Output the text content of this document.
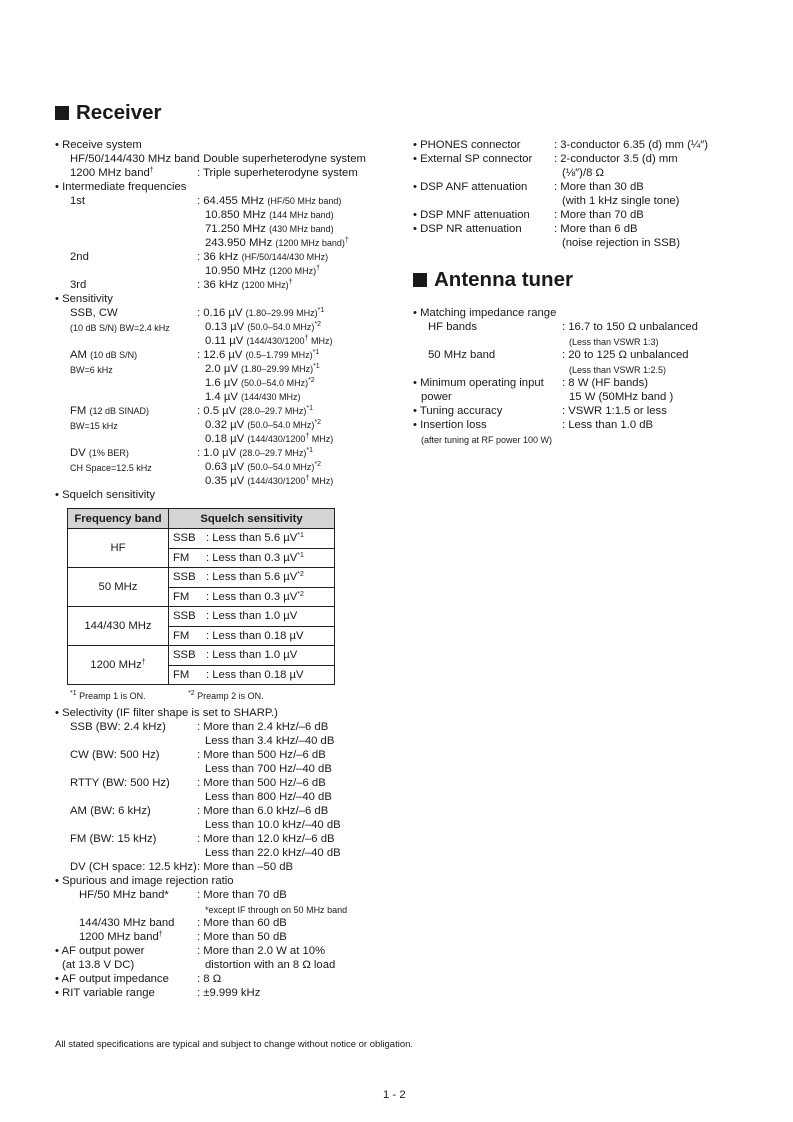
Receiver
• Receive system
HF/50/144/430 MHz band
: Double superheterodyne system
1200 MHz band†	: Triple superheterodyne system
• Intermediate frequencies
1st	: 64.455 MHz (HF/50 MHz band)
10.850 MHz (144 MHz band)
71.250 MHz (430 MHz band)
243.950 MHz (1200 MHz band)†
2nd	: 36 kHz (HF/50/144/430 MHz)
10.950 MHz (1200 MHz)†
3rd	: 36 kHz (1200 MHz)†
• Sensitivity
SSB, CW
(10 dB S/N) BW=2.4 kHz
: 0.16 µV (1.80–29.99 MHz)$^{*1}$
0.13 µV (50.0–54.0 MHz)$^{*2}$
0.11 µV (144/430/1200† MHz)
AM (10 dB S/N)
BW=6 kHz
: 12.6 µV (0.5–1.799 MHz)$^{*1}$
2.0 µV (1.80–29.99 MHz)$^{*1}$
1.6 µV (50.0–54.0 MHz)$^{*2}$
1.4 µV (144/430 MHz)
FM (12 dB SINAD)
BW=15 kHz
: 0.5 µV (28.0–29.7 MHz)$^{*1}$
0.32 µV (50.0–54.0 MHz)$^{*2}$
0.18 µV (144/430/1200† MHz)
DV (1% BER)
CH Space=12.5 kHz
: 1.0 µV (28.0–29.7 MHz)$^{*1}$
0.63 µV (50.0–54.0 MHz)$^{*2}$
0.35 µV (144/430/1200† MHz)
• Squelch sensitivity
Frequency band	Squelch sensitivity
HF	SSB : Less than 5.6 µV$^{*1}$
	FM : Less than 0.3 µV$^{*1}$
50 MHz	SSB : Less than 5.6 µV$^{*2}$
	FM : Less than 0.3 µV$^{*2}$
144/430 MHz	SSB : Less than 1.0 µV
	FM : Less than 0.18 µV
1200 MHz†	SSB : Less than 1.0 µV
	FM : Less than 0.18 µV
$^{*1}$ Preamp 1 is ON.	$^{*2}$ Preamp 2 is ON.
• Selectivity (IF filter shape is set to SHARP.)
SSB (BW: 2.4 kHz)	: More than 2.4 kHz/–6 dB
Less than 3.4 kHz/–40 dB
CW (BW: 500 Hz)	: More than 500 Hz/–6 dB
Less than 700 Hz/–40 dB
RTTY (BW: 500 Hz) : More than 500 Hz/–6 dB
Less than 800 Hz/–40 dB
AM (BW: 6 kHz)	: More than 6.0 kHz/–6 dB
Less than 10.0 kHz/–40 dB
FM (BW: 15 kHz)	: More than 12.0 kHz/–6 dB
Less than 22.0 kHz/–40 dB
DV (CH space: 12.5 kHz) : More than –50 dB
• Spurious and image rejection ratio
HF/50 MHz band* : More than 70 dB
*except IF through on 50 MHz band
144/430 MHz band : More than 60 dB
1200 MHz band†	: More than 50 dB
• AF output power
(at 13.8 V DC)
: More than 2.0 W at 10%
distortion with an 8 Ω load
• AF output impedance : 8 Ω
• RIT variable range	: ±9.999 kHz
• PHONES connector	: 3-conductor 6.35 (d) mm (¼″)
• External SP connector : 2-conductor 3.5 (d) mm
(⅛″)/8 Ω
• DSP ANF attenuation : More than 30 dB
(with 1 kHz single tone)
• DSP MNF attenuation : More than 70 dB
• DSP NR attenuation	: More than 6 dB
(noise rejection in SSB)
Antenna tuner
• Matching impedance range
HF bands	: 16.7 to 150 Ω unbalanced
(Less than VSWR 1:3)
50 MHz band	: 20 to 125 Ω unbalanced
(Less than VSWR 1:2.5)
• Minimum operating input
power
: 8 W (HF bands)
15 W (50MHz band )
• Tuning accuracy	: VSWR 1:1.5 or less
• Insertion loss	: Less than 1.0 dB
(after tuning at RF power 100 W)
All stated specifications are typical and subject to change without notice or obligation.
1 - 2
